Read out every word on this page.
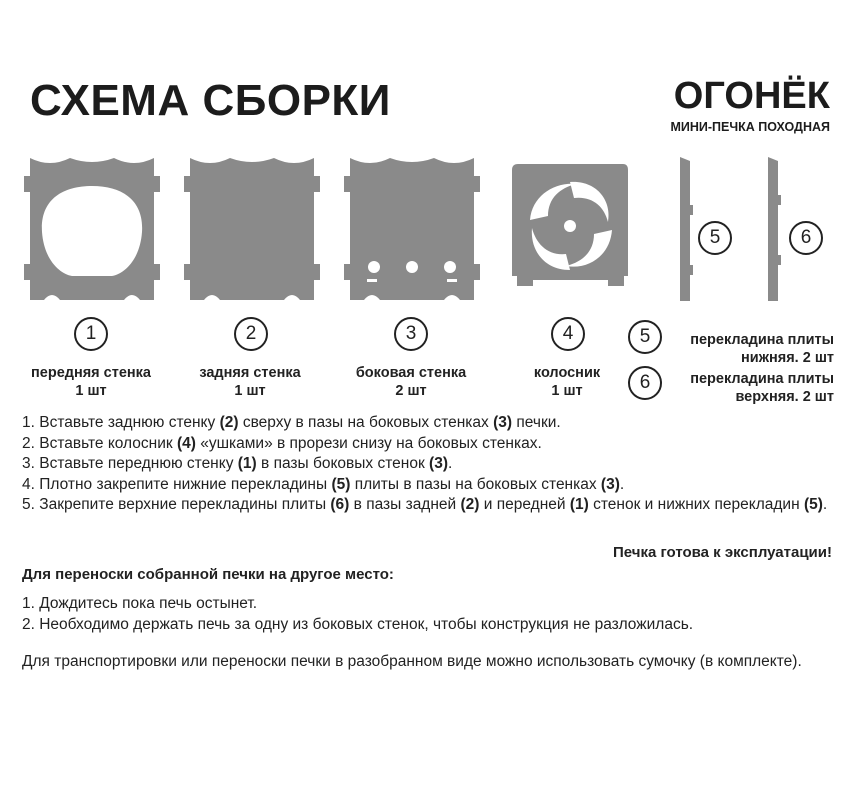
СХЕМА СБОРКИ	ОГОНЁК
МИНИ-ПЕЧКА ПОХОДНАЯ
1	2	3	4
5	6
5
6
передняя стенка
1 шт
задняя стенка
1 шт
боковая стенка
2 шт
колосник
1 шт
перекладина плиты
нижняя. 2 шт
перекладина плиты
верхняя. 2 шт

1. Вставьте заднюю стенку (2) сверху в пазы на боковых стенках (3) печки.

2. Вставьте колосник (4) «ушками» в прорези снизу на боковых стенках.

3. Вставьте переднюю стенку (1) в пазы боковых стенок (3).

4. Плотно закрепите нижние перекладины (5) плиты в пазы на боковых стенках (3).

5. Закрепите верхние перекладины плиты (6) в пазы задней (2) и передней (1) стенок и нижних перекладин (5).

Печка готова к эксплуатации!
Для переноски собранной печки на другое место:
1. Дождитесь пока печь остынет.
2. Необходимо держать печь за одну из боковых стенок, чтобы конструкция не разложилась.
Для транспортировки или переноски печки в разобранном виде можно использовать сумочку (в комплекте).
